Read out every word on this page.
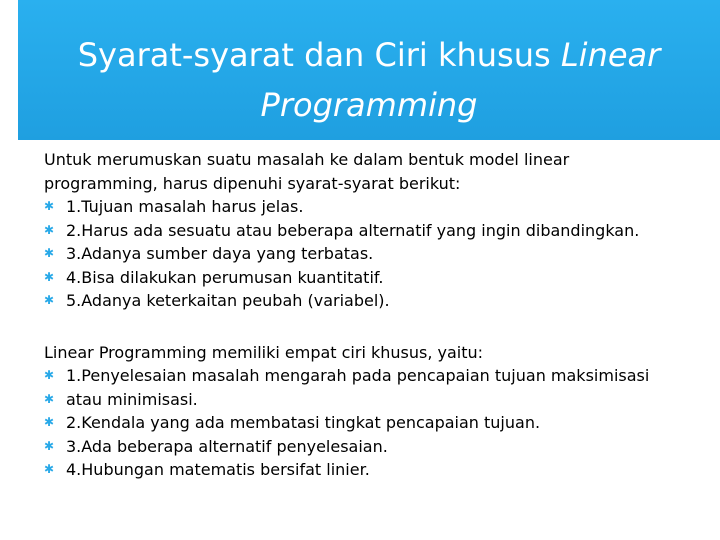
Syarat-syarat dan Ciri khusus Linear Programming

Untuk merumuskan suatu masalah ke dalam bentuk model linear programming, harus dipenuhi syarat-syarat berikut:

✱ 1.Tujuan masalah harus jelas.
✱ 2.Harus ada sesuatu atau beberapa alternatif yang ingin dibandingkan.
✱ 3.Adanya sumber daya yang terbatas.
✱ 4.Bisa dilakukan perumusan kuantitatif.
✱ 5.Adanya keterkaitan peubah (variabel).

Linear Programming memiliki empat ciri khusus, yaitu:

✱ 1.Penyelesaian masalah mengarah pada pencapaian tujuan maksimisasi
✱ atau minimisasi.
✱ 2.Kendala yang ada membatasi tingkat pencapaian tujuan.
✱ 3.Ada beberapa alternatif penyelesaian.
✱ 4.Hubungan matematis bersifat linier.
